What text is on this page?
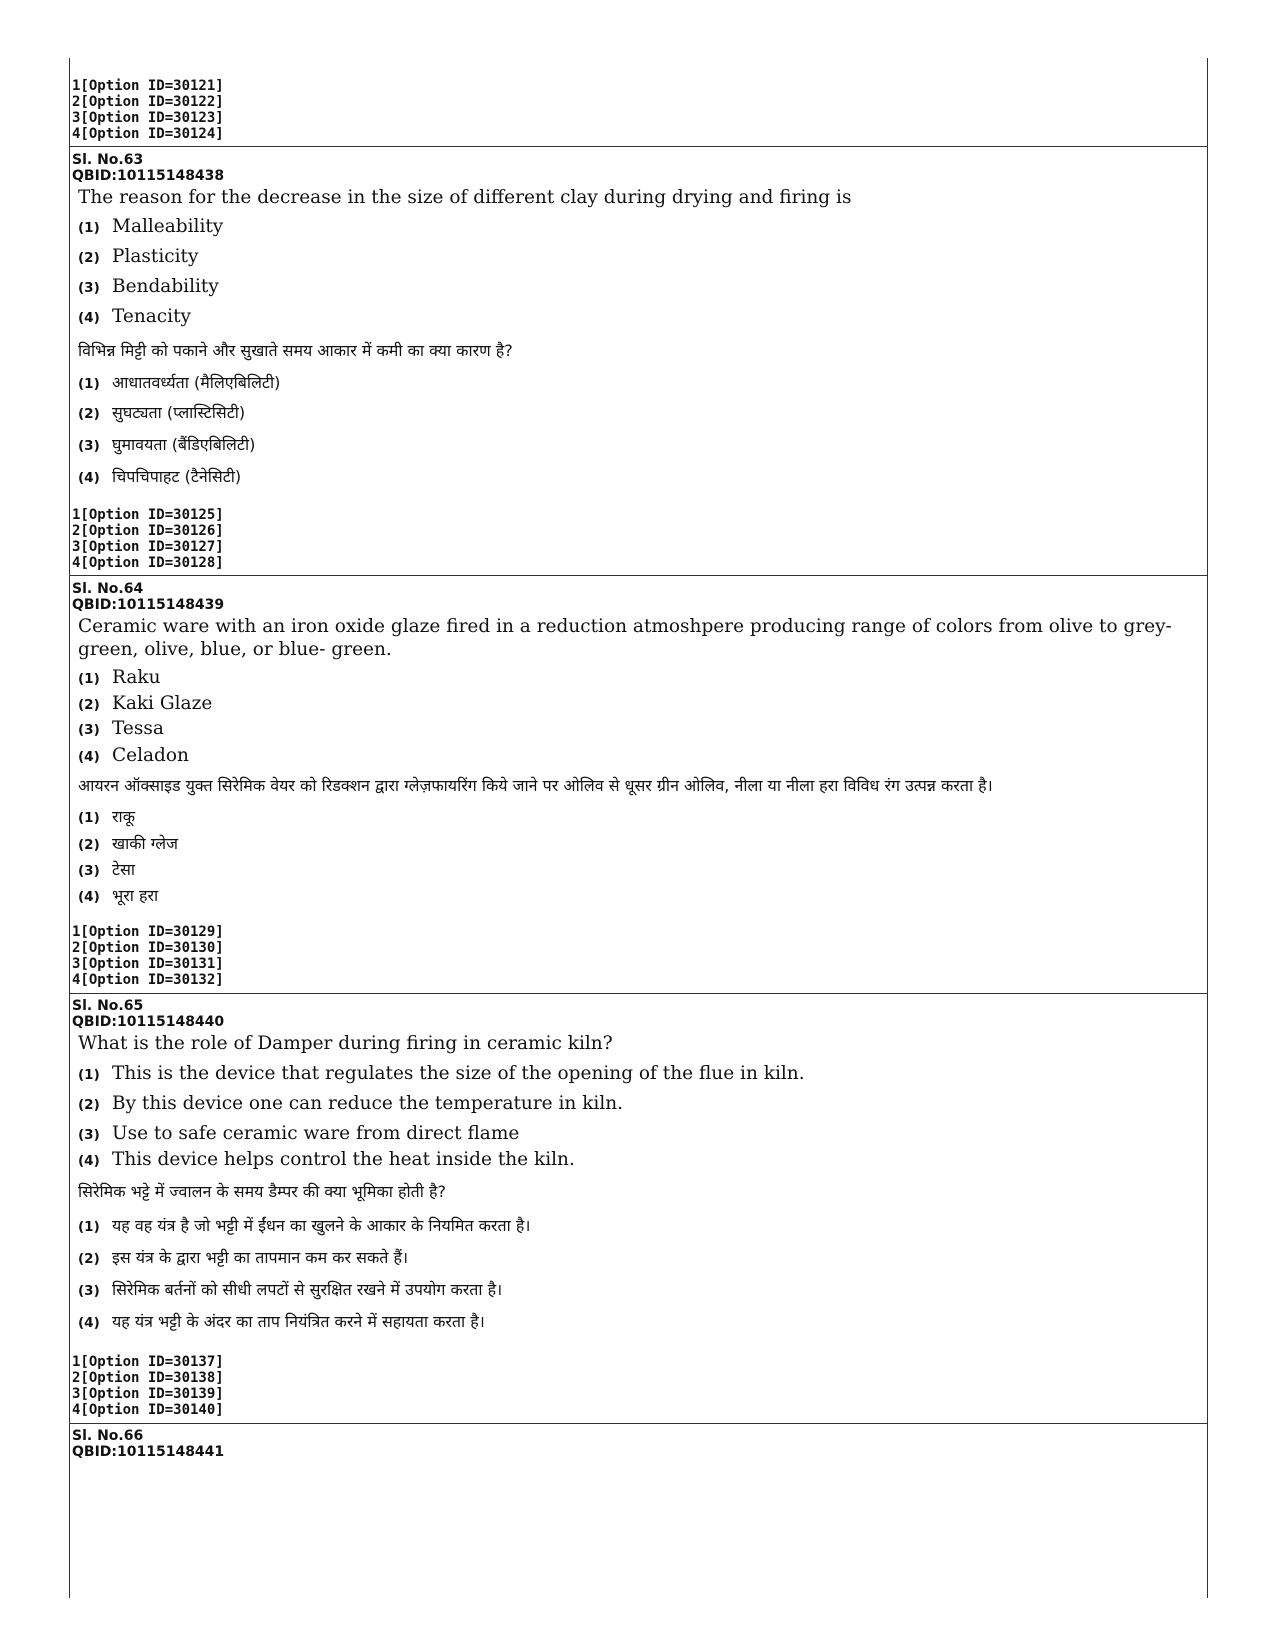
1[Option ID=30121]
2[Option ID=30122]
3[Option ID=30123]
4[Option ID=30124]
Sl. No.63
QBID:10115148438
The reason for the decrease in the size of different clay during drying and firing is
(1) Malleability
(2) Plasticity
(3) Bendability
(4) Tenacity
विभिन्न मिट्टी को पकाने और सुखाते समय आकार में कमी का क्या कारण है?
(1) आधातवर्ध्यता (मैलिएबिलिटी)
(2) सुघट्यता (प्लास्टिसिटी)
(3) घुमावयता (बैंडिएबिलिटी)
(4) चिपचिपाहट (टैनेसिटी)
1[Option ID=30125]
2[Option ID=30126]
3[Option ID=30127]
4[Option ID=30128]
Sl. No.64
QBID:10115148439
Ceramic ware with an iron oxide glaze fired in a reduction atmoshpere producing range of colors from olive to grey-green, olive, blue, or blue- green.
(1) Raku
(2) Kaki Glaze
(3) Tessa
(4) Celadon
आयरन ऑक्साइड युक्त सिरेमिक वेयर को रिडक्शन द्वारा ग्लेज़फायरिंग किये जाने पर ओलिव से धूसर ग्रीन ओलिव, नीला या नीला हरा विविध रंग उत्पन्न करता है।
(1) राकू
(2) खाकी ग्लेज
(3) टेसा
(4) भूरा हरा
1[Option ID=30129]
2[Option ID=30130]
3[Option ID=30131]
4[Option ID=30132]
Sl. No.65
QBID:10115148440
What is the role of Damper during firing in ceramic kiln?
(1) This is the device that regulates the size of the opening of the flue in kiln.
(2) By this device one can reduce the temperature in kiln.
(3) Use to safe ceramic ware from direct flame
(4) This device helps control the heat inside the kiln.
सिरेमिक भट्टे में ज्वालन के समय डैम्पर की क्या भूमिका होती है?
(1) यह वह यंत्र है जो भट्टी में ईंधन का खुलने के आकार के नियमित करता है।
(2) इस यंत्र के द्वारा भट्टी का तापमान कम कर सकते हैं।
(3) सिरेमिक बर्तनों को सीधी लपटों से सुरक्षित रखने में उपयोग करता है।
(4) यह यंत्र भट्टी के अंदर का ताप नियंत्रित करने में सहायता करता है।
1[Option ID=30137]
2[Option ID=30138]
3[Option ID=30139]
4[Option ID=30140]
Sl. No.66
QBID:10115148441
